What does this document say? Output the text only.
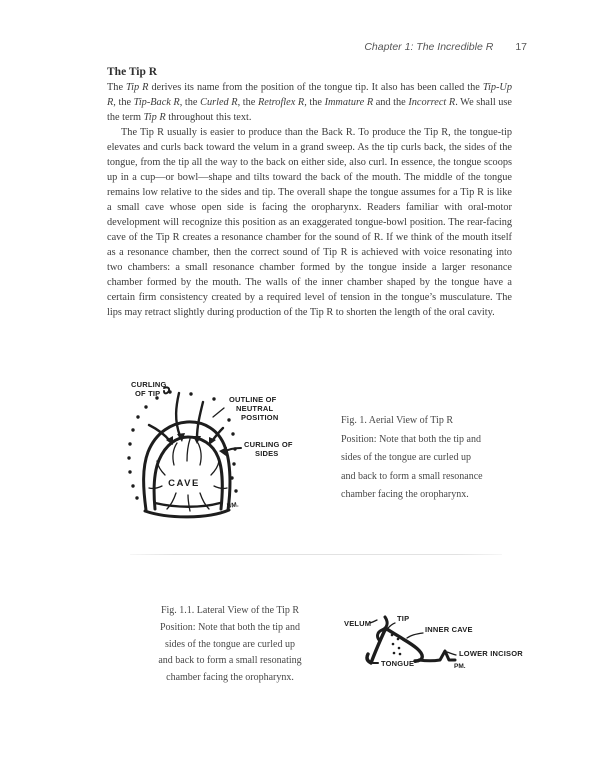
Chapter 1: The Incredible R 17
The Tip R

The Tip R derives its name from the position of the tongue tip. It also has been called the Tip-Up R, the Tip-Back R, the Curled R, the Retroflex R, the Immature R and the Incorrect R. We shall use the term Tip R throughout this text.

The Tip R usually is easier to produce than the Back R. To produce the Tip R, the tongue-tip elevates and curls back toward the velum in a grand sweep. As the tip curls back, the sides of the tongue, from the tip all the way to the back on either side, also curl. In essence, the tongue scoops up in a cup—or bowl—shape and tilts toward the back of the mouth. The middle of the tongue remains low relative to the sides and tip. The overall shape the tongue assumes for a Tip R is like a small cave whose open side is facing the oropharynx. Readers familiar with oral-motor development will recognize this position as an exaggerated tongue-bowl position. The rear-facing cave of the Tip R creates a resonance chamber for the sound of R. If we think of the mouth itself as a resonance chamber, then the correct sound of Tip R is achieved with voice resonating into two chambers: a small resonance chamber formed by the tongue inside a larger resonance chamber formed by the mouth. The walls of the inner chamber shaped by the tongue have a certain firm consistency created by a required level of tension in the tongue’s musculature. The lips may retract slightly during production of the Tip R to shorten the length of the oral cavity.

CURLING
OF TIP
OUTLINE OF
NEUTRAL
POSITION
CURLING OF
SIDES
CAVE
BM.
Fig. 1. Aerial View of Tip R
Position: Note that both the tip and
sides of the tongue are curled up
and back to form a small resonance
chamber facing the oropharynx.
Fig. 1.1. Lateral View of the Tip R
Position: Note that both the tip and
sides of the tongue are curled up
and back to form a small resonating
chamber facing the oropharynx.
VELUM
TIP
INNER CAVE
LOWER INCISOR
TONGUE	PM.
